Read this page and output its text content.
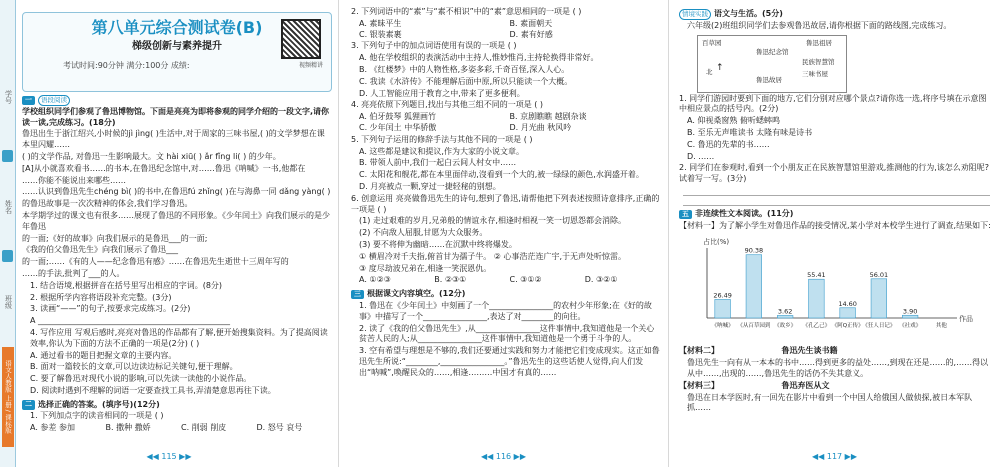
学号
姓名
班级
语文人教版 上册 / 课标版
第八单元综合测试卷(B)
梯级创新与素养提升
考试时间:90分钟 满分:100分 成绩:	视频精讲
一	语段阅读

学校组织同学们参观了鲁迅博物馆。下面是亮亮为即将参观的同学介绍的一段文字,请你读一读,完成练习。(18分)

鲁迅出生于浙江绍兴,小时候的jì jìng( )生活中,对于周家的三味书屋,( )的文学梦想在课本里闪耀……

( )的文学作品, 对鲁迅一生影响最大。文 hài xiū( ) ǎr fǐng li( ) 的少年。

[A]从小就喜欢看书……的书本,在鲁迅纪念馆中,对……鲁迅《呐喊》一书,他都在

……你能不能说出来哪些……

……认识到鲁迅先生chéng bì( )的书中,在鲁迅fú zhǐng( )在与海鼻一同 dǎng yàng( )

的鲁迅故事是一次次精神的体会,我们学习鲁迅。

本学期学过的课文也有很多……展现了鲁迅的不同形象。《少年闰土》向我们展示的是少年鲁迅

的一面;《好的故事》向我们展示的是鲁迅___的一面;

《我的伯父鲁迅先生》向我们展示了鲁迅___

的一面;……《有的人——纪念鲁迅有感》……在鲁迅先生逝世十三周年写的

……的手法,批判了___的人。

1. 结合语境,根据拼音在括号里写出相应的字词。(8分)

2. 根据所学内容将语段补充完整。(3分)

3. 读画“——”的句子,按要求完成练习。(2分)

A ________________________________________________

4. 写作应用 写观后感时,亮亮对鲁迅的作品都有了解,便开始搜集资料。为了提高阅读效率,你认为下面的方法不正确的一项是(2分) ( )

A. 通过看书的题目把握文章的主要内容。

B. 面对一篇较长的文章,可以边读边标记关键句,便于理解。

C. 要了解鲁迅对现代小说的影响,可以先读一读他的小说作品。

D. 阅读时遇到不理解的词语一定要查找工具书,弄清楚意思再往下读。

二 选择正确的答案。(填序号)(12分)

1. 下列加点字的读音相同的一项是 ( )

A. 参差 参加	B. 撒种 撒娇	C. 削弱 削皮	D. 怒号 哀号
◀◀ 115 ▶▶

2. 下列词语中的“素”与“素不相识”中的“素”意思相同的一项是 ( )

A. 素昧平生	B. 素面朝天
C. 银装素裹	D. 素有好感

3. 下列句子中的加点词语使用有误的一项是 ( )

A. 他在学校组织的表演活动中主持人,惟妙惟肖,主持轮换得非常好。

B. 《红楼梦》中的人物性格,多姿多彩,千奇百怪,深入人心。

C. 我读《水浒传》不能理解后面中原,所以只能读一个大概。

D. 人工智能应用于教育之中,带来了更多便利。

4. 亮亮依照下列题目,找出与其他三组不同的一项是 ( )

A. 伯牙鼓琴 狐狸画竹	B. 京剧瞧瞧 越剧杂谈
C. 少年闰土 中华骄傲	D. 月光曲 秋风吟

5. 下列句子运用的修辞手法与其他不同的一项是 ( )

A. 这些都是建议和提议,作为大家的小说文章。

B. 带领人前中,我们一起白云间人村女中……

C. 太阳花和舰花,都在本里面伴动,沒看到一个大的,被一绿绿的颜色,水润盛开着。

D. 月亮被点一颗,穿过一捷轻秘的别想。

6. 创意运用 亮亮做鲁迅先生的诗句,想到了鲁迅,请帮他把下列表述按照诗意排序,正确的一项是 ( )

(1) 走过艰难的岁月,兄弟般的情谊永存,相逢时相视一笑一切恩怨都会消除。

(2) 不向敌人屈服,甘愿为大众服务。

(3) 要不将伸为幽暗……在沉默中终将爆发。

① 横眉冷对千夫指,俯首甘为孺子牛。 ② 心事浩茫连广宇,于无声处听惊雷。

③ 度尽劫波兄弟在,相逢一笑泯恩仇。

A. ①②③	B. ②③①	C. ③①②	D. ③②①
三 根据课文内容填空。(12分)

1. 鲁迅在《少年闰土》中刻画了一个________________的农村少年形象;在《好的故事》中描写了一个________________,表达了对________的向往。

2. 读了《我的伯父鲁迅先生》,从________________这件事情中,我知道他是一个关心贫苦人民的人;从________________这件事情中,我知道他是一个勇于斗争的人。

3. 空有希望与理想是不够的,我们还要通过实践和努力才能把它们变成现实。这正如鲁迅先生所说:“________,________________。”鲁迅先生的这些话使人觉得,向人们发出“呐喊”,唤醒民众的……,相逢………中国才有真的……

◀◀ 116 ▶▶
情境实践 语文与生活。(5分)

六年级(2)班组织同学们去参观鲁迅故居,请你根据下面的路线图,完成练习。

百草园
鲁迅纪念馆
鲁迅祖居
民族智慧馆
三味书屋
鲁迅故居
北 ↑

1. 同学们游园时要到下面的地方,它们分别对应哪个景点?请你选一选,将序号填在示意图中相应景点的括号内。(2分)

A. 仰视桑窗熟 俯听蟋蟀鸣

B. 至乐无声唯读书 太隆有味是诗书

C. 鲁迅的先辈的书……

D. ……

2. 同学们在参观时,看到一个小朋友正在民族智慧馆里游戏,推测他的行为,该怎么劝阻呢?试着写一写。(3分)

五 非连续性文本阅读。(11分)

【材料一】为了解小学生对鲁迅作品的接受情况,某小学对本校学生进行了调查,结果如下:

占比(%)
作品
26.49
《呐喊》
90.38
《从百草园到
3.62
《故乡》
55.41
《孔乙己》
14.60
《阿Q正传》
56.01
《狂人日记》
3.90
《社戏》	其他

【材料二】	鲁迅先生谈书籍

鲁迅先生一向有从一本本的书中……得到更多的益处……,到现在还是……的,……得以从中……,出现的……,鲁迅先生的话仍不失其意义。

【材料三】	鲁迅弃医从文

鲁迅在日本学医时,有一回先在影片中看到一个中国人给俄国人做侦探,被日本军队抓……

◀◀ 117 ▶▶
